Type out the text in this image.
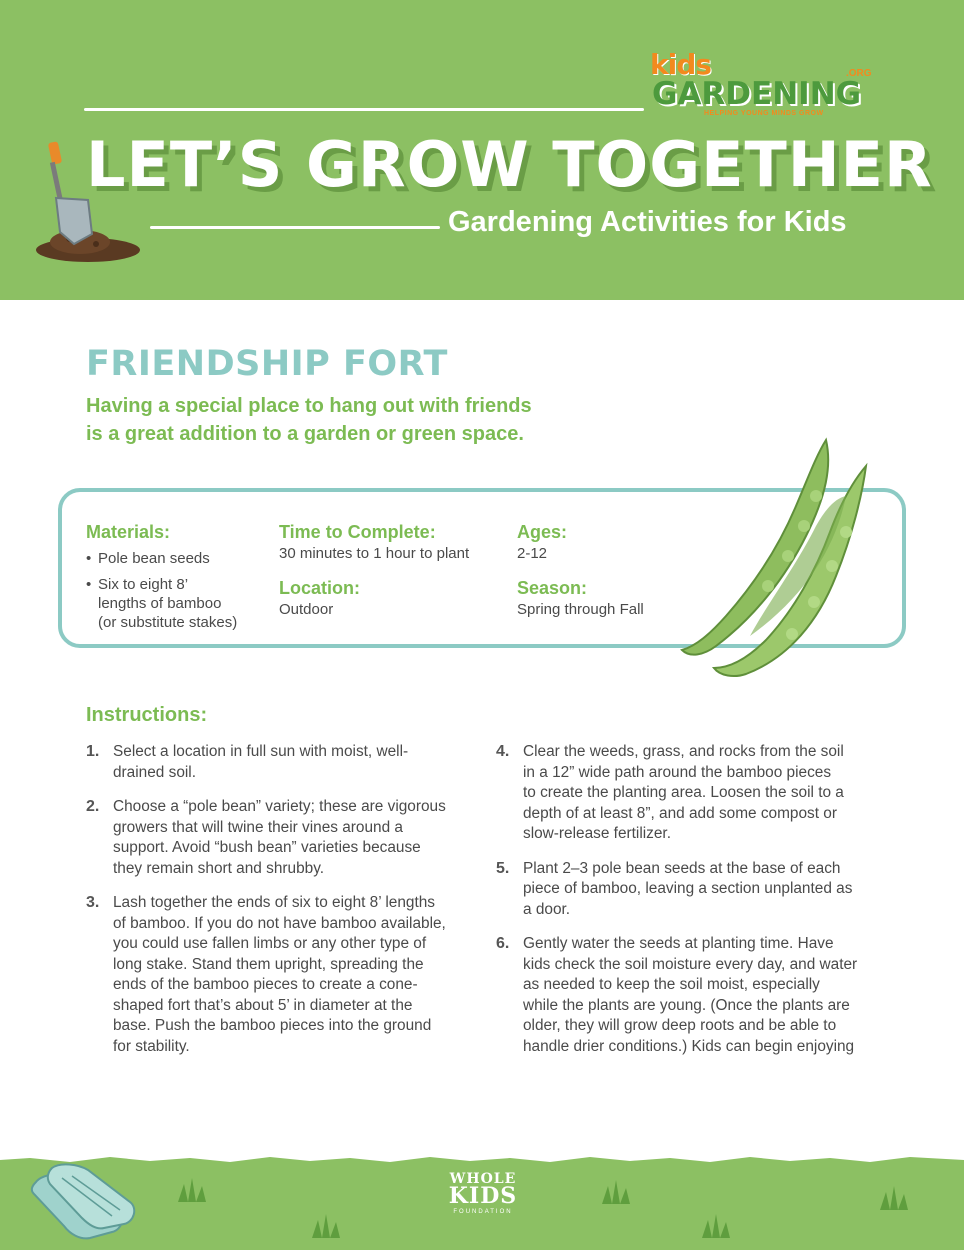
kids	.ORG
GARDENING
HELPING YOUNG MINDS GROW
LET’S GROW TOGETHER
Gardening Activities for Kids
FRIENDSHIP FORT
Having a special place to hang out with friends
is a great addition to a garden or green space.
Materials:
• Pole bean seeds
• Six to eight 8’
lengths of bamboo
(or substitute stakes)
Time to Complete:
30 minutes to 1 hour to plant
Location:
Outdoor
Ages:
2-12
Season:
Spring through Fall
Instructions:
1. Select a location in full sun with moist, well-
drained soil.
2. Choose a “pole bean” variety; these are vigorous
growers that will twine their vines around a
support. Avoid “bush bean” varieties because
they remain short and shrubby.
3. Lash together the ends of six to eight 8’ lengths
of bamboo. If you do not have bamboo available,
you could use fallen limbs or any other type of
long stake. Stand them upright, spreading the
ends of the bamboo pieces to create a cone-
shaped fort that’s about 5’ in diameter at the
base. Push the bamboo pieces into the ground
for stability.
4. Clear the weeds, grass, and rocks from the soil
in a 12” wide path around the bamboo pieces
to create the planting area. Loosen the soil to a
depth of at least 8”, and add some compost or
slow-release fertilizer.
5. Plant 2–3 pole bean seeds at the base of each
piece of bamboo, leaving a section unplanted as
a door.
6. Gently water the seeds at planting time. Have
kids check the soil moisture every day, and water
as needed to keep the soil moist, especially
while the plants are young. (Once the plants are
older, they will grow deep roots and be able to
handle drier conditions.) Kids can begin enjoying
WHOLE
KIDS
FOUNDATION
